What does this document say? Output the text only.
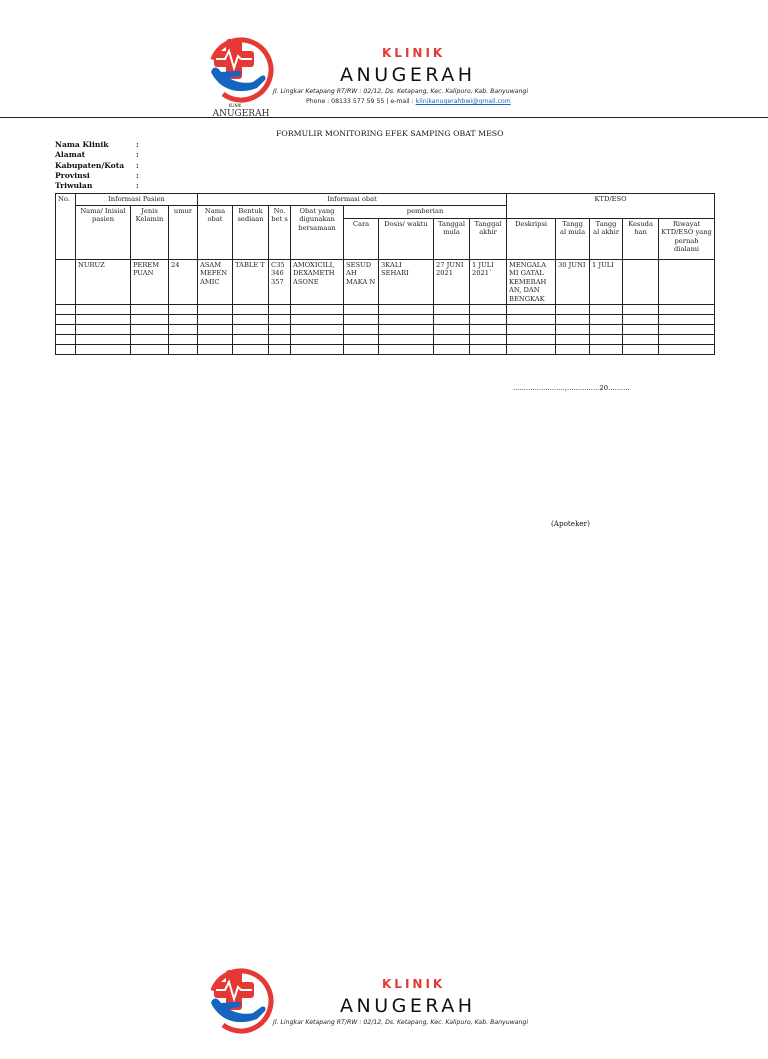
KLINIK
ANUGERAH
KLINIK
ANUGERAH
Jl. Lingkar Ketapang RT/RW : 02/12, Ds. Ketapang, Kec. Kalipuro, Kab. Banyuwangi
Phone : 08133 577 59 55 | e-mail : klinikanugerahbwi@gmail.com
FORMULIR MONITORING EFEK SAMPING OBAT MESO
Nama Klinik	:
Alamat	:
Kabupaten/Kota :
Provinsi	:
Triwulan	:
No.	Informasi Pasien			Informasi obat								KTD/ESO				
	Nama/ Inisial pasien	Jenis Kelamin	umur	Nama obat	Bentuk sediaan	No. bet s	Obat yang digunakan bersamaan	pemberian								
								Cara	Dosis/ waktu	Tanggal mula	Tanggal akhir	Deskripsi	Tangg al mula	Tangg al akhir	Kesuda han	Riwayat KTD/ESO yang pernah dialami
	NURUZ	PEREM PUAN	24	ASAM MEFEN AMIC	TABLE T	C35 346 357	AMOXICILI, DEXAMETH ASONE	SESUD AH MAKA N	3KALI SEHARI	27 JUNI 2021	1 JULI 2021`	MENGALA MI GATAL KEMERAH AN, DAN BENGKAK	30 JUNI	1 JULI		

........................,...............20..........
(Apoteker)
KLINIK
ANUGERAH
Jl. Lingkar Ketapang RT/RW : 02/12, Ds. Ketapang, Kec. Kalipuro, Kab. Banyuwangi
